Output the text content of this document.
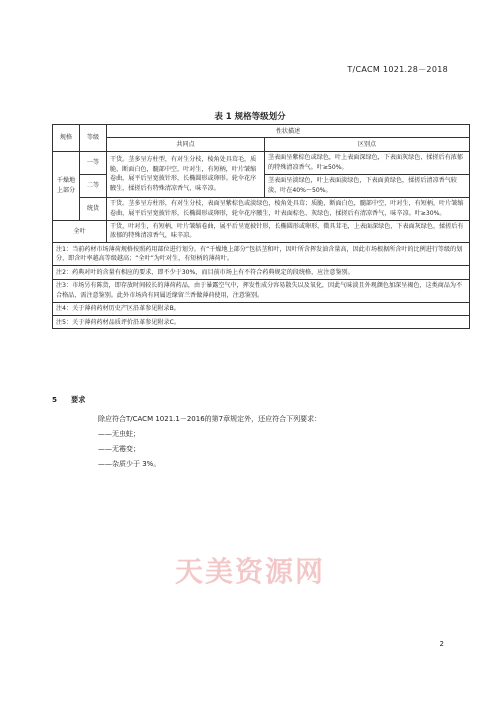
T/CACM 1021.28－2018
表 1 规格等级划分
规格	等级	性状描述	
		共同点	区别点
千燥地上部分	一等	干货。茎多呈方柱型，有对生分枝，棱角处具茸毛，质脆，断面白色，髓部中空，叶对生，有短柄，叶片皱缩卷曲，展平后呈宽披针形，长椭圆形或卵形。轮伞花序腋生，揉搓后有特殊清凉香气，味辛凉。	茎表面呈紫棕色或绿色，叶上表面深绿色，下表面灰绿色，揉搓后有浓郁的特殊清凉香气。叶≥50%。
	二等		茎表面呈淡绿色，叶上表面淡绿色，下表面黄绿色，揉搓后清凉香气较淡，叶在40%～50%。
	统货	干货。茎多呈方柱形，有对生分枝，表面呈紫棕色或淡绿色，棱角处具茸；质脆，断面白色，髓部中空，叶对生，有短柄，叶片皱缩卷曲，展平后呈宽披针形，长椭圆形或卵形，轮伞花序腋生，叶表面棕色、灰绿色，揉搓后有清凉香气，味辛凉。叶≥30%。	
全叶		干货，叶对生，有短柄，叶片皱缩卷曲，展平后呈宽披针形，长椭圆形或卵形，微具茸毛，上表面深绿色，下表面灰绿色，揉搓后有浓郁的特殊清凉香气，味辛凉。	
注1：当前药材市场薄荷规格按照药用部位进行划分。有“千燥地上部分”包括茎和叶，因叶所含挥发油含量高，因此市场根据所含叶的比例进行等级的划分，即含叶率越高等级越高；“全叶”为叶对生，有短柄的薄荷叶。			
注2：药典对叶的含量有相应的要求，即不少于30%，而目前市场上有不符合药典规定的段统格，应注意鉴别。			
注3：市场另有陈货，即存放时间较长的薄荷药品，由于暴露空气中，挥发性成分容易散失以及氧化，因此气味淡且外观颜色加深呈褐色，这类商品为不合格品，需注意鉴别。此外市场尚有同属近缘留兰香做薄荷使用，注意鉴别。			
注4：关于薄荷药材历史产区沿革参见附录B。			
注5：关于薄荷药材品质评价沿革参见附录C。			
5 要求
除应符合T/CACM 1021.1－2016的第7章规定外，还应符合下列要求：
——无虫蛀；
——无霉变；
——杂质少于 3%。
天美资源网
2
